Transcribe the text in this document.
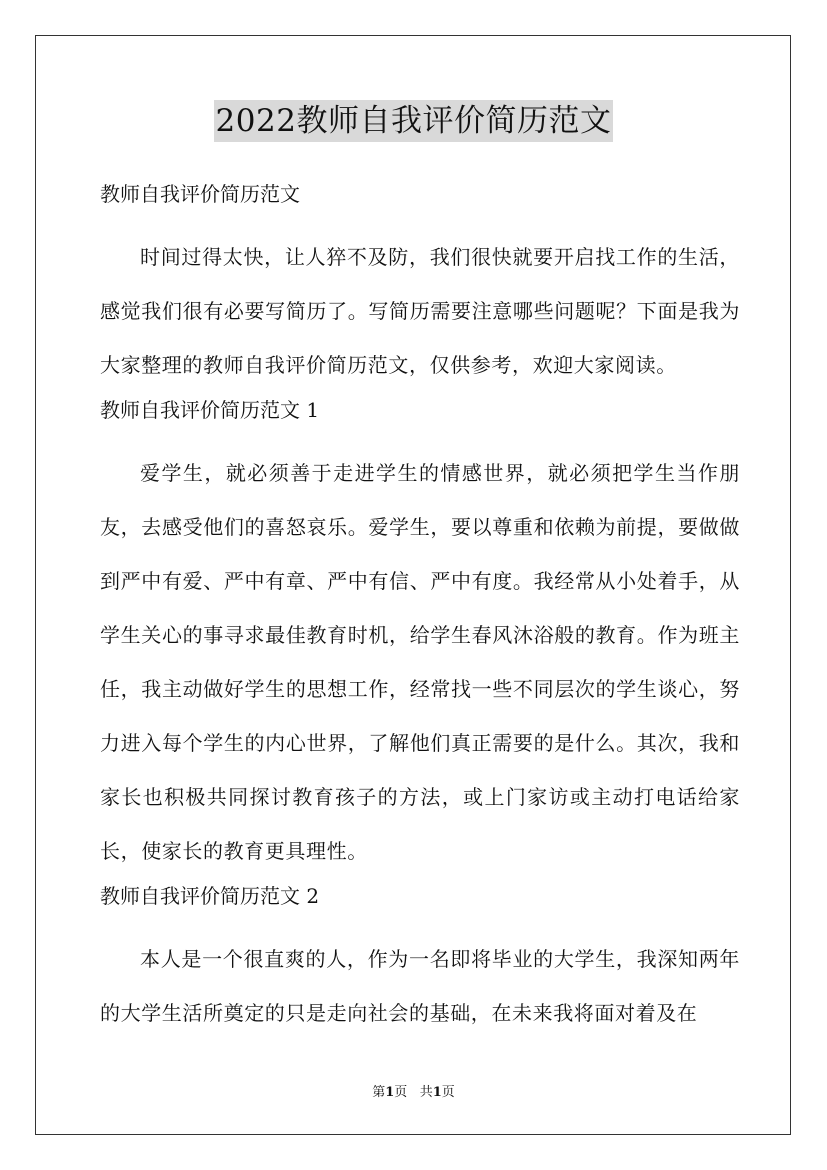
2022教师自我评价简历范文

教师自我评价简历范文

时间过得太快，让人猝不及防，我们很快就要开启找工作的生活，感觉我们很有必要写简历了。写简历需要注意哪些问题呢？下面是我为大家整理的教师自我评价简历范文，仅供参考，欢迎大家阅读。

教师自我评价简历范文 1

爱学生，就必须善于走进学生的情感世界，就必须把学生当作朋友，去感受他们的喜怒哀乐。爱学生，要以尊重和依赖为前提，要做做到严中有爱、严中有章、严中有信、严中有度。我经常从小处着手，从学生关心的事寻求最佳教育时机，给学生春风沐浴般的教育。作为班主任，我主动做好学生的思想工作，经常找一些不同层次的学生谈心，努力进入每个学生的内心世界，了解他们真正需要的是什么。其次，我和家长也积极共同探讨教育孩子的方法，或上门家访或主动打电话给家长，使家长的教育更具理性。

教师自我评价简历范文 2

本人是一个很直爽的人，作为一名即将毕业的大学生，我深知两年的大学生活所奠定的只是走向社会的基础，在未来我将面对着及在

第1页 共1页
